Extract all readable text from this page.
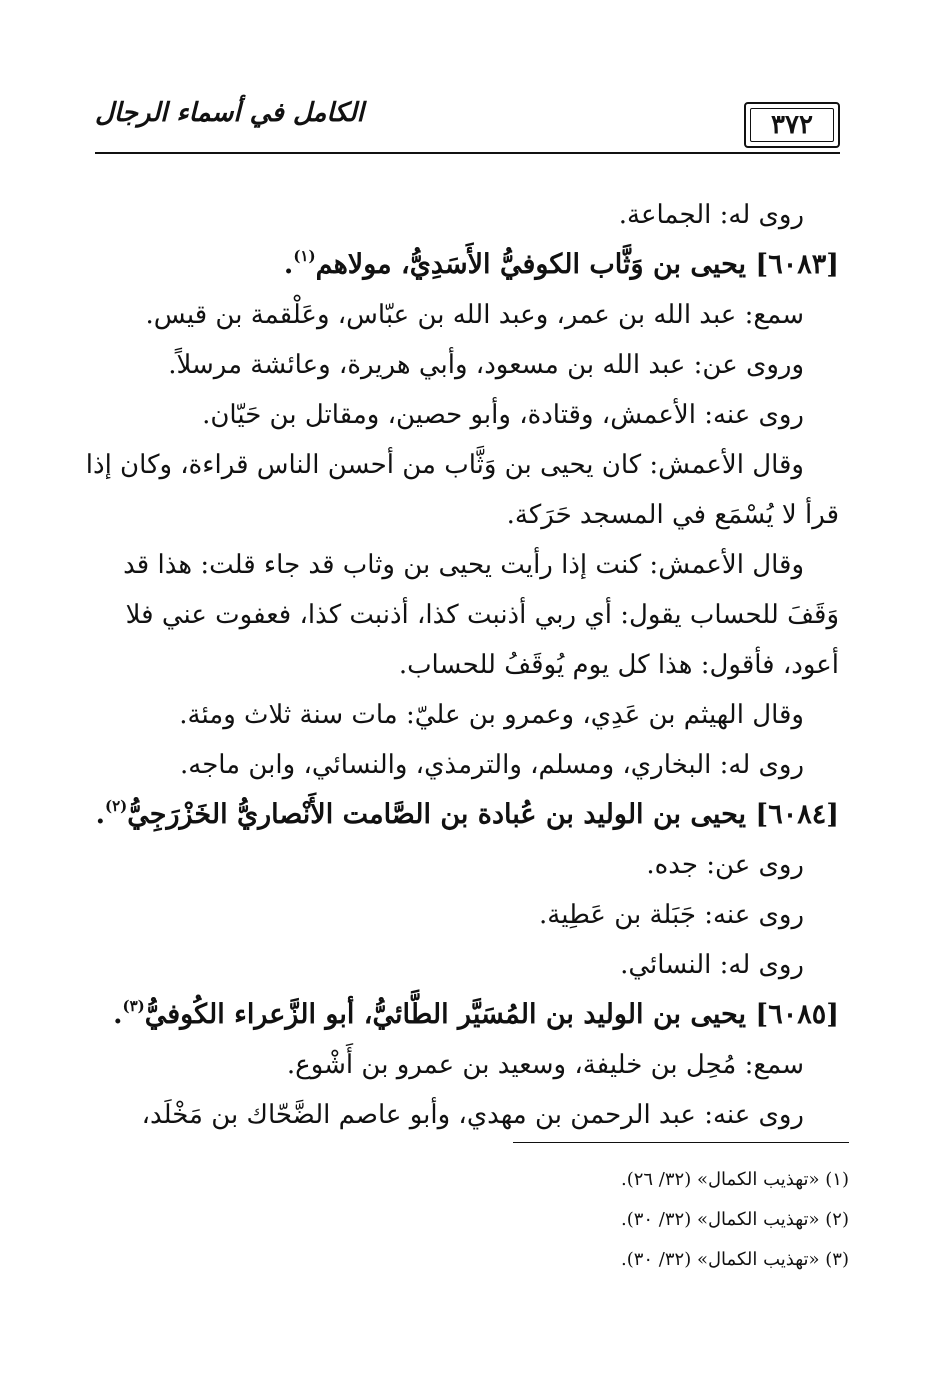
٣٧٢
الكامل في أسماء الرجال
روى له: الجماعة.
[٦٠٨٣] يحيى بن وَثَّاب الكوفيُّ الأَسَدِيُّ، مولاهم$^{(١)}$.
سمع: عبد الله بن عمر، وعبد الله بن عبّاس، وعَلْقمة بن قيس.
وروى عن: عبد الله بن مسعود، وأبي هريرة، وعائشة مرسلاً.
روى عنه: الأعمش، وقتادة، وأبو حصين، ومقاتل بن حَيّان.
وقال الأعمش: كان يحيى بن وَثَّاب من أحسن الناس قراءة، وكان إذا
قرأ لا يُسْمَع في المسجد حَرَكة.
وقال الأعمش: كنت إذا رأيت يحيى بن وثاب قد جاء قلت: هذا قد
وَقَفَ للحساب يقول: أي ربي أذنبت كذا، أذنبت كذا، فعفوت عني فلا
أعود، فأقول: هذا كل يوم يُوقَفُ للحساب.
وقال الهيثم بن عَدِي، وعمرو بن عليّ: مات سنة ثلاث ومئة.
روى له: البخاري، ومسلم، والترمذي، والنسائي، وابن ماجه.
[٦٠٨٤] يحيى بن الوليد بن عُبادة بن الصَّامت الأَنْصاريُّ الخَزْرَجِيُّ$^{(٢)}$.
روى عن: جده.
روى عنه: جَبَلة بن عَطِية.
روى له: النسائي.
[٦٠٨٥] يحيى بن الوليد بن المُسَيَّر الطَّائيُّ، أبو الزَّعراء الكُوفيُّ$^{(٣)}$.
سمع: مُحِل بن خليفة، وسعيد بن عمرو بن أَشْوع.
روى عنه: عبد الرحمن بن مهدي، وأبو عاصم الضَّحّاك بن مَخْلَد،
(١) «تهذيب الكمال» (٣٢/ ٢٦).
(٢) «تهذيب الكمال» (٣٢/ ٣٠).
(٣) «تهذيب الكمال» (٣٢/ ٣٠).
